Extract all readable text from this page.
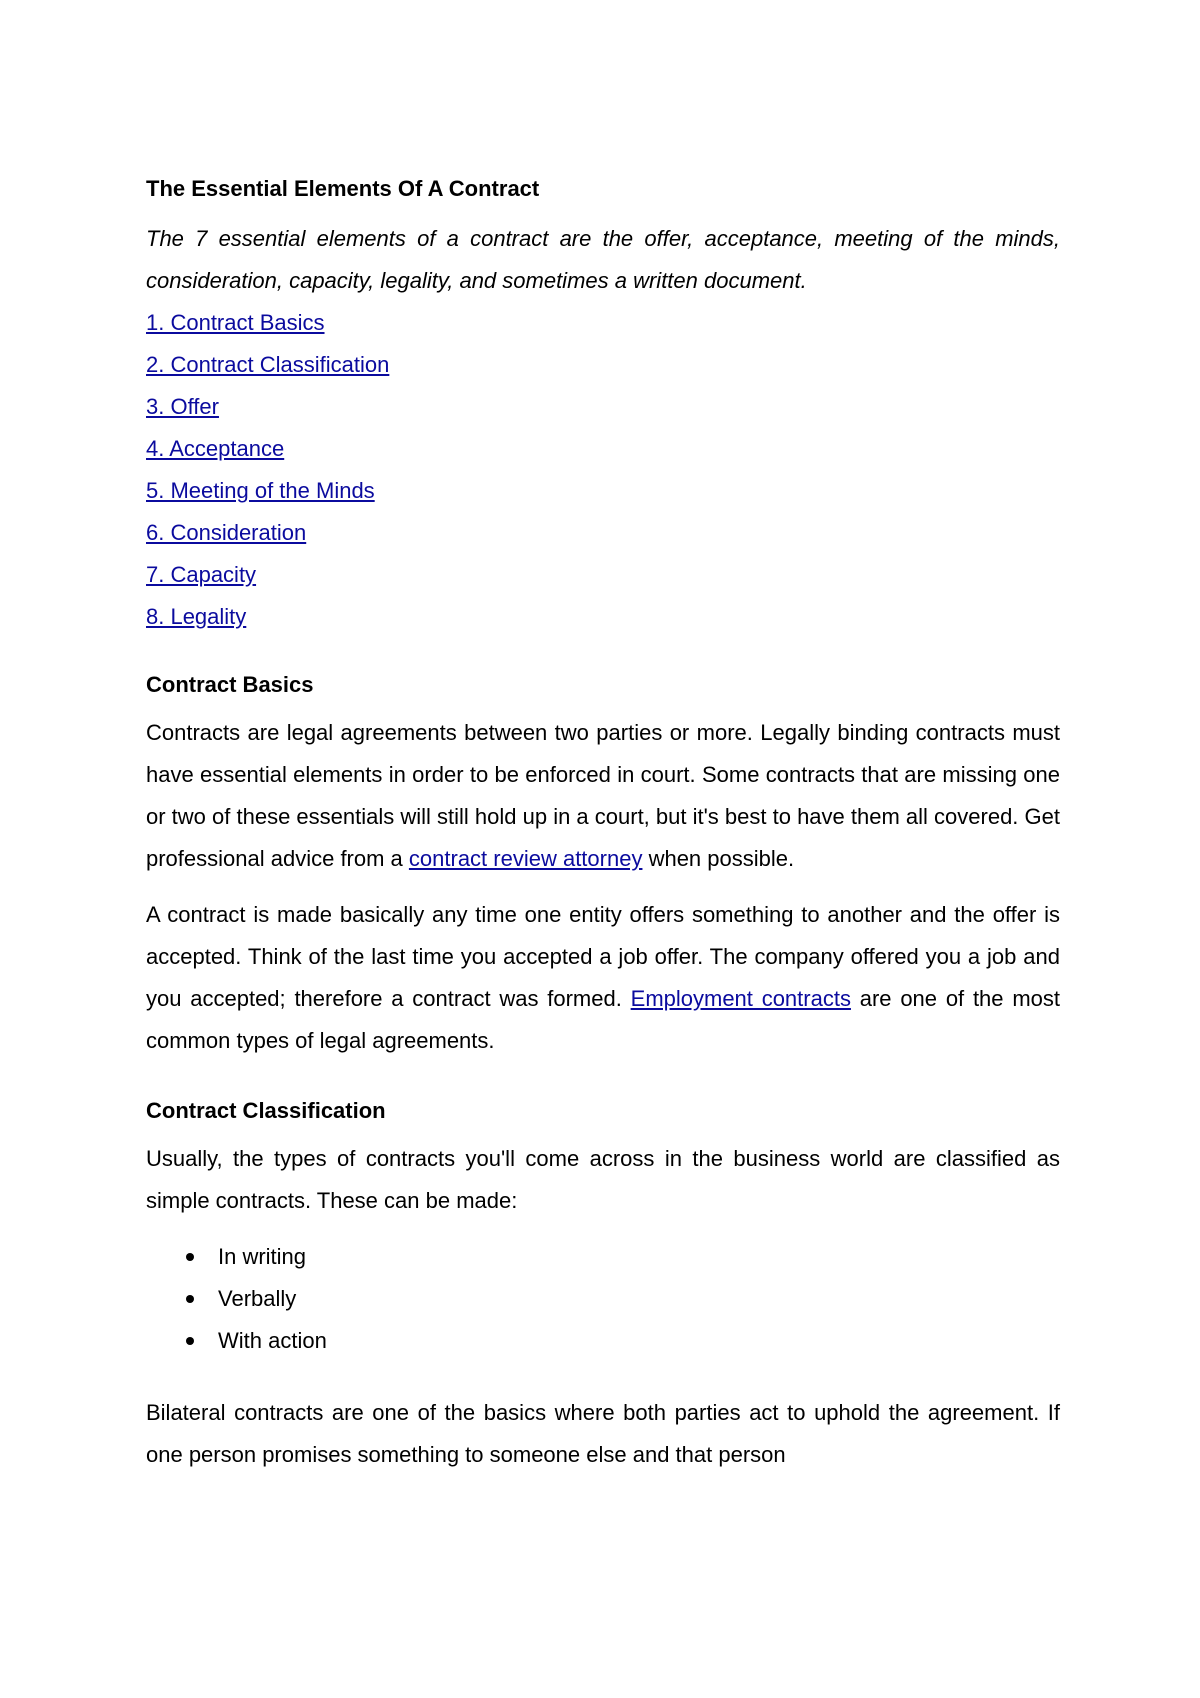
The Essential Elements Of A Contract

The 7 essential elements of a contract are the offer, acceptance, meeting of the minds, consideration, capacity, legality, and sometimes a written document.

1. Contract Basics
2. Contract Classification
3. Offer
4. Acceptance
5. Meeting of the Minds
6. Consideration
7. Capacity
8. Legality
Contract Basics

Contracts are legal agreements between two parties or more. Legally binding contracts must have essential elements in order to be enforced in court. Some contracts that are missing one or two of these essentials will still hold up in a court, but it's best to have them all covered. Get professional advice from a contract review attorney when possible.

A contract is made basically any time one entity offers something to another and the offer is accepted. Think of the last time you accepted a job offer. The company offered you a job and you accepted; therefore a contract was formed. Employment contracts are one of the most common types of legal agreements.

Contract Classification

Usually, the types of contracts you'll come across in the business world are classified as simple contracts. These can be made:

In writing
Verbally
With action

Bilateral contracts are one of the basics where both parties act to uphold the agreement. If one person promises something to someone else and that person
